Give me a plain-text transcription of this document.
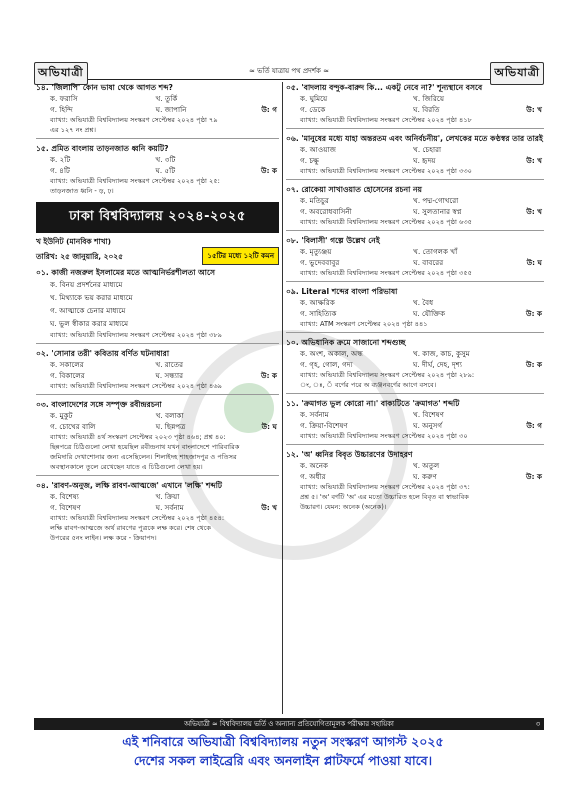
অভিযাত্রী	≈ ভর্তি যাত্রায় পথ প্রদর্শক ≈	অভিযাত্রী
১৪. 'জিলাপি' কোন ভাষা থেকে আগত শব্দ?
ক. ফরাসি	খ. তুর্কি
গ. হিন্দি	ঘ. জাপানি	উ: গ
ব্যাখ্যা: অভিযাত্রী বিশ্ববিদ্যালয় সংস্করণ সেপ্টেম্বর ২০২৪ পৃষ্ঠা ৭৯
এর ১২৭ নং প্রশ্ন।
১৫. প্রমিত বাংলায় তাড়নজাত ধ্বনি কয়টি?
ক. ২টি	খ. ৩টি
গ. ৪টি	ঘ. ৫টি	উ: ক
ব্যাখ্যা: অভিযাত্রী বিশ্ববিদ্যালয় সংস্করণ সেপ্টেম্বর ২০২৪ পৃষ্ঠা ২৫:
তাড়নজাত ধ্বনি - ড়, ঢ়।
ঢাকা বিশ্ববিদ্যালয় ২০২৪-২০২৫
খ ইউনিট (মানবিক শাখা)
তারিখ: ২৫ জানুয়ারি, ২০২৫	১৫টির মধ্যে ১২টি কমন
০১. কাজী নজরুল ইসলামের মতে আত্মনির্ভরশীলতা আসে
ক. বিনয় প্রদর্শনের মাধ্যমে
খ. মিথ্যাকে ভয় করার মাধ্যমে
গ. আত্মাকে চেনার মাধ্যমে
ঘ. ভুল স্বীকার করার মাধ্যমে
ব্যাখ্যা: অভিযাত্রী বিশ্ববিদ্যালয় সংস্করণ সেপ্টেম্বর ২০২৪ পৃষ্ঠা ৩৮৯
০২. 'সোনার তরী' কবিতায় বর্ণিত ঘটনাধারা
ক. সকালের	খ. রাতের
গ. বিকালের	ঘ. সন্ধ্যার	উ: ক
ব্যাখ্যা: অভিযাত্রী বিশ্ববিদ্যালয় সংস্করণ সেপ্টেম্বর ২০২৪ পৃষ্ঠা ৪৬৯
০৩. বাংলাদেশের সঙ্গে সম্পৃক্ত রবীন্দ্ররচনা
ক. মুকুট	খ. বলাকা
গ. চোখের বালি	ঘ. ছিন্নপত্র	উ: ঘ
ব্যাখ্যা: অভিযাত্রী ৪র্থ সংস্করণ সেপ্টেম্বর ২০২৩ পৃষ্ঠা ৪৬৪; প্রশ্ন ৪০:
ছিন্নপত্রে চিঠিগুলো লেখা হয়েছিল রবীন্দ্রনাথ যখন বাংলাদেশে পারিবারিক
জমিদারি দেখাশোনার জন্য এসেছিলেন। শিলাইদহ শাহজাদপুর ও পতিসর
অবস্থানকালে তুলে রেখেছেন যাতে এ চিঠিগুলো লেখা হয়।
০৪. 'রাবণ-অনুজ, লক্ষি রাবণ-আত্মজে' এখানে 'লক্ষি' শব্দটি
ক. বিশেষ্য	খ. ক্রিয়া
গ. বিশেষণ	ঘ. সর্বনাম	উ: খ
ব্যাখ্যা: অভিযাত্রী বিশ্ববিদ্যালয় সংস্করণ সেপ্টেম্বর ২০২৪ পৃষ্ঠা ৪৫৪:
লক্ষি রাবণ-আত্মজে অর্থ রাবণের পুত্রকে লক্ষ করে। শেষ থেকে
উপরের ৫নং লাইন। লক্ষ করে - ক্রিয়াপদ।
০৫. 'বাদলায় বন্দুক-বারুদ কি... একটু নেবে না?' শূন্যস্থানে বসবে
ক. ঘুমিয়ে	খ. জিরিয়ে
গ. ডেকে	ঘ. বিরতি	উ: খ
ব্যাখ্যা: অভিযাত্রী বিশ্ববিদ্যালয় সংস্করণ সেপ্টেম্বর ২০২৪ পৃষ্ঠা ৪১৮
০৬. 'মানুষের মধ্যে যাহা অন্তরতম এবং অনির্বচনীয়', লেখকের মতে কণ্ঠস্বর তার তারই
ক. আওয়াজ	খ. চেহারা
গ. চক্ষু	ঘ. হৃদয়	উ: খ
ব্যাখ্যা: অভিযাত্রী বিশ্ববিদ্যালয় সংস্করণ সেপ্টেম্বর ২০২৪ পৃষ্ঠা ৩৩০
০৭. রোকেয়া সাখাওয়াত হোসেনের রচনা নয়
ক. মতিচুর	খ. পদ্ম-গোখরো
গ. অবরোধবাসিনী	ঘ. সুলতানার স্বপ্ন	উ: খ
ব্যাখ্যা: অভিযাত্রী বিশ্ববিদ্যালয় সংস্করণ সেপ্টেম্বর ২০২৪ পৃষ্ঠা ৬৩৫
০৮. 'বিলাসী' গল্পে উল্লেখ নেই
ক. মৃত্যুঞ্জয়	খ. তোগলক খাঁ
গ. ভুদেববাবুর	ঘ. বাবরের	উ: ঘ
ব্যাখ্যা: অভিযাত্রী বিশ্ববিদ্যালয় সংস্করণ সেপ্টেম্বর ২০২৪ পৃষ্ঠা ৩৫৫
০৯. Literal শব্দের বাংলা পরিভাষা
ক. আক্ষরিক	খ. বৈধ
গ. সাহিত্যিক	ঘ. যৌক্তিক	উ: ক
ব্যাখ্যা: ATM সংস্করণ সেপ্টেম্বর ২০২৪ পৃষ্ঠা ৪৪১
১০. অভিধানিক ক্রমে সাজানো শব্দগুচ্ছ
ক. অংশ, অকাল, অন্ধ	খ. কাজ, কাচ, কুসুম
গ. গৃহ, গোল, গদ্য	ঘ. দীর্ঘ, দেহ, দৃশ্য	উ: ক
ব্যাখ্যা: অভিযাত্রী বিশ্ববিদ্যালয় সংস্করণ সেপ্টেম্বর ২০২৪ পৃষ্ঠা ২৮৯:
ং, ঃ, ঁ বর্ণের পরে অ ব্যঞ্জনবর্ণের আগে বসবে।
১১. 'ক্রমাগত ভুল কোরো না।' বাক্যটিতে 'ক্রমাগত' শব্দটি
ক. সর্বনাম	খ. বিশেষণ
গ. ক্রিয়া-বিশেষণ	ঘ. অনুসর্গ	উ: গ
ব্যাখ্যা: অভিযাত্রী বিশ্ববিদ্যালয় সংস্করণ সেপ্টেম্বর ২০২৪ পৃষ্ঠা ৩০
১২. 'অ' ধ্বনির বিবৃত উচ্চারণের উদাহরণ
ক. অনেক	খ. অতুল
গ. অধীর	ঘ. করুণ	উ: ক
ব্যাখ্যা: অভিযাত্রী বিশ্ববিদ্যালয় সংস্করণ সেপ্টেম্বর ২০২৪ পৃষ্ঠা ৩৭:
প্রশ্ন ৫। 'অ' বর্ণটি 'অ' এর মতো উচ্চারিত হলে বিবৃত বা স্বাভাবিক
উচ্চারণ। যেমন: অনেক (অনেক)।
অভিযাত্রী ≈ বিশ্ববিদ্যালয় ভর্তি ও অন্যান্য প্রতিযোগিতামূলক পরীক্ষার সহায়িকা	৩
এই শনিবারে অভিযাত্রী বিশ্ববিদ্যালয় নতুন সংস্করণ আগস্ট ২০২৫
দেশের সকল লাইব্রেরি এবং অনলাইন প্লাটফর্মে পাওয়া যাবে।
